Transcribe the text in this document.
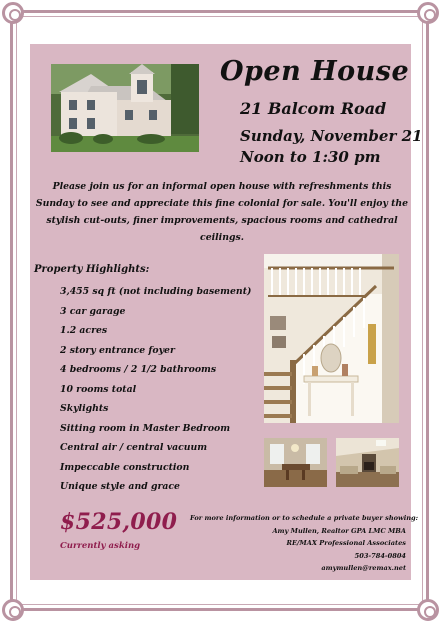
Open House
21 Balcom Road
Sunday, November 21
Noon to 1:30 pm
Please join us for an informal open house with refreshments this Sunday to see and appreciate this fine colonial for sale. You'll enjoy the stylish cut-outs, finer improvements, spacious rooms and cathedral ceilings.
Property Highlights:
3,455 sq ft (not including basement)
3 car garage
1.2 acres
2 story entrance foyer
4 bedrooms / 2 1/2 bathrooms
10 rooms total
Skylights
Sitting room in Master Bedroom
Central air / central vacuum
Impeccable construction
Unique style and grace
$525,000
Currently asking
For more information or to schedule a private buyer showing:
Amy Mullen, Realtor GPA LMC MBA
RE/MAX Professional Associates
503-784-0804
amymullen@remax.net
